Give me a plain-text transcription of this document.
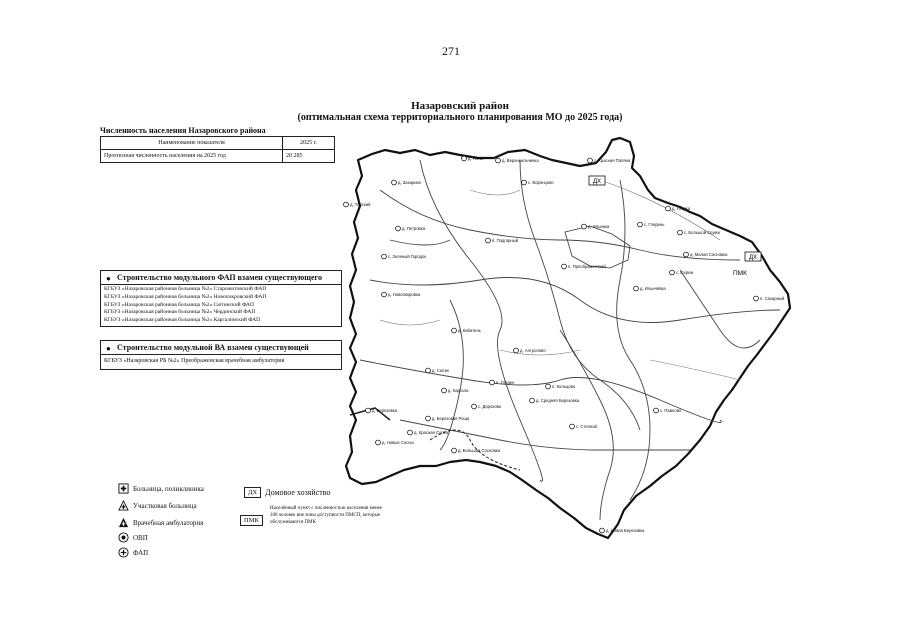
д. Алтат	д. Верхнеальчинка
с. Воронцово
с. Красная Поляна
д. Ягодка
д. Захарино
д. Тарский
д. Петровка
п. Подгорный
д. Ильинка	с. Глядень
с. Сереж
с. Большой Сереж
д. Малая Сосновка
п. Сахарный
д. Ильичёвка
с. Зеленый Городок
д. Новопокровка
п. Преображенский
д. Средняя Березовка
с. Дорохово
п. Кольцово
с. Павлово
д. Сютик
д. Березовая Роща
д. Красная Сопка
д. Новые Сосны
д. Каргала
д. Антропово
с. Степной
д. Большая Сосновка
д. Новая Березовка
д. Березовка
д. Кибитень
п. Гляден
ДХ
ДХ
ПМК
271
Назаровский район
(оптимальная схема территориального планирования МО до 2025 года)
Численность населения Назаровского района
Наименование показателя	2025 г.
Прогнозная численность населения на 2025 год	20 285
● Строительство модульного ФАП взамен существующего
КГБУЗ «Назаровская районная больница №2» Старожитовский ФАП
КГБУЗ «Назаровская районная больница №2» Новопокровский ФАП
КГБУЗ «Назаровская районная больница №2» Сютинский ФАП
КГБУЗ «Назаровская районная больница №2» Чердинский ФАП
КГБУЗ «Назаровская районная больница №2» Каргалинский ФАП
● Строительство модульной ВА взамен существующей
КГБУЗ «Назаровская РБ №2» Преображенская врачебная амбулатория
Больница, поликлиника
Участковая больница
Врачебная амбулатория
ОВП
ФАП
ДХ	Домовое хозяйство
ПМК
Населённый пункт с численностью населения менее 100 человек вне зоны доступности ПМСП, которые обслуживаются ПМК
